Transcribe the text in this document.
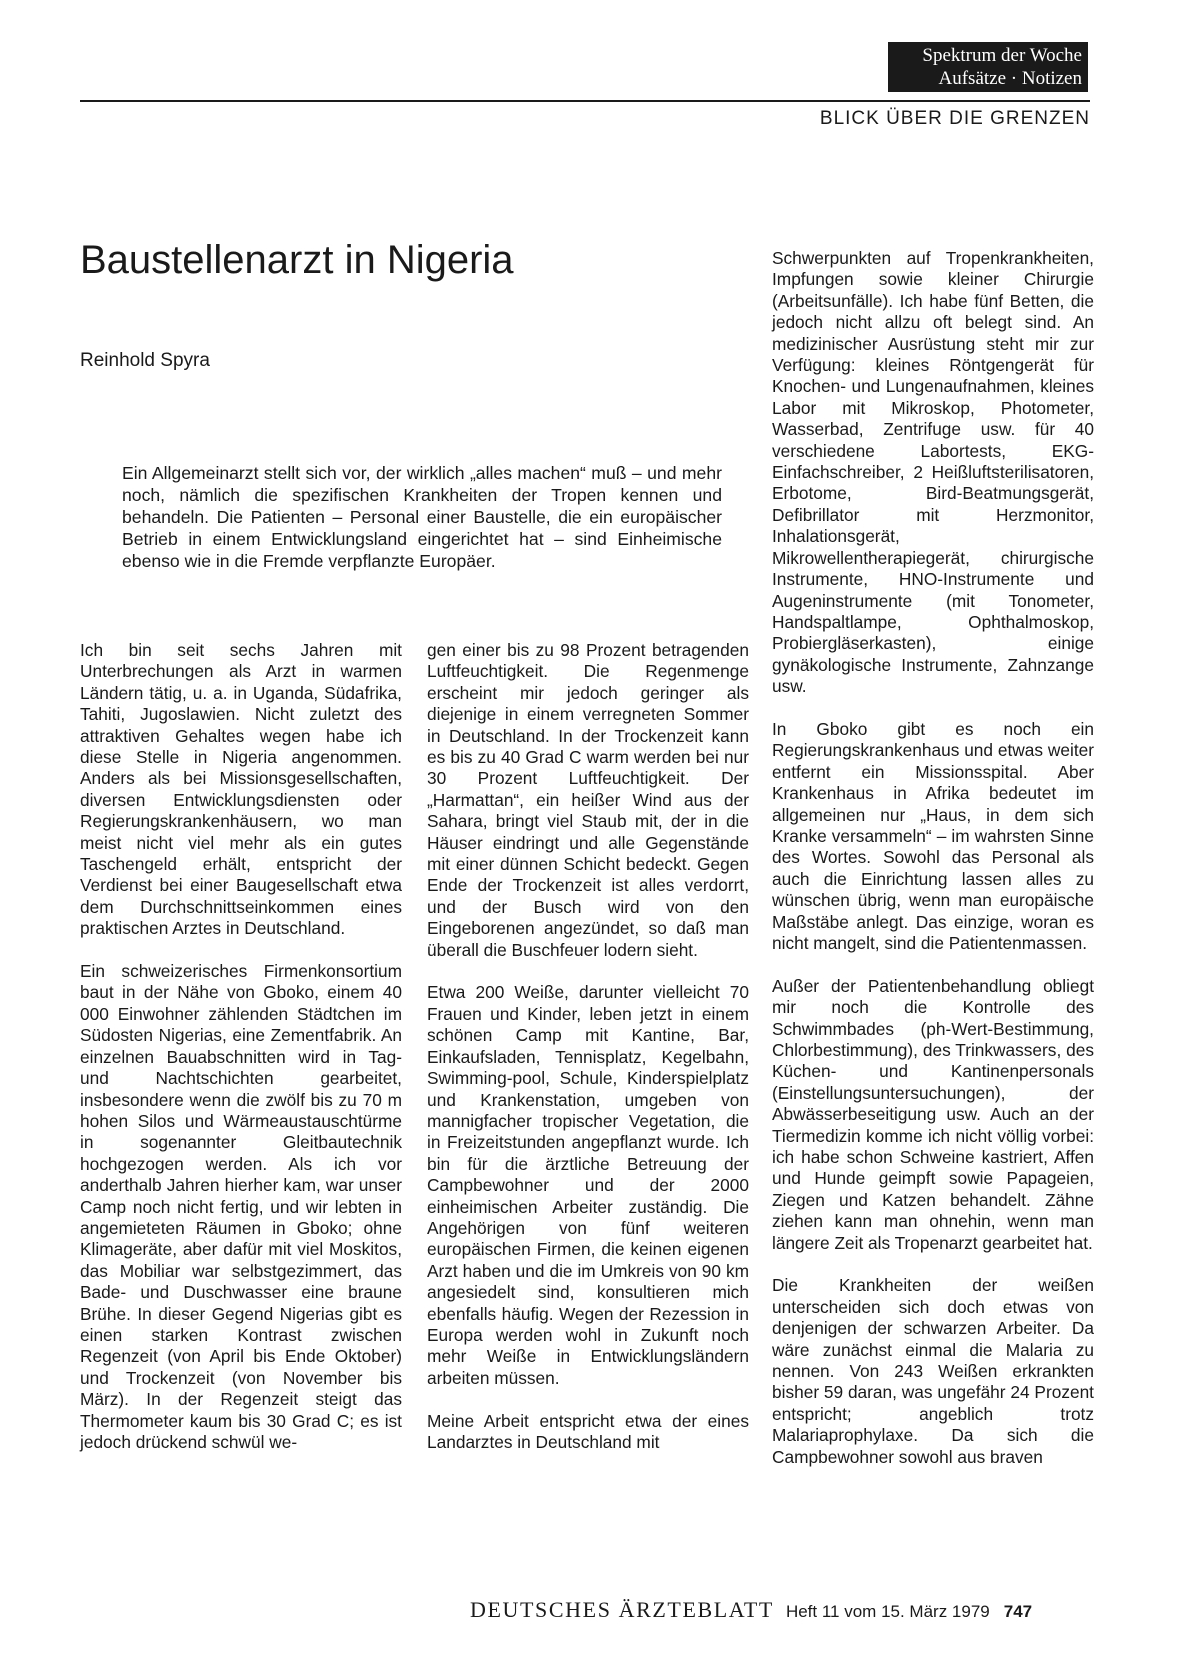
Spektrum der Woche
Aufsätze · Notizen
BLICK ÜBER DIE GRENZEN
Baustellenarzt in Nigeria
Reinhold Spyra
Ein Allgemeinarzt stellt sich vor, der wirklich „alles machen“ muß – und mehr noch, nämlich die spezifischen Krankheiten der Tropen kennen und behandeln. Die Patienten – Personal einer Baustelle, die ein europäischer Betrieb in einem Entwicklungsland eingerichtet hat – sind Einheimische ebenso wie in die Fremde verpflanzte Europäer.

Ich bin seit sechs Jahren mit Unterbrechungen als Arzt in warmen Ländern tätig, u. a. in Uganda, Südafrika, Tahiti, Jugoslawien. Nicht zuletzt des attraktiven Gehaltes wegen habe ich diese Stelle in Nigeria angenommen. Anders als bei Missionsgesellschaften, diversen Entwicklungsdiensten oder Regierungskrankenhäusern, wo man meist nicht viel mehr als ein gutes Taschengeld erhält, entspricht der Verdienst bei einer Baugesellschaft etwa dem Durchschnittseinkommen eines praktischen Arztes in Deutschland.

Ein schweizerisches Firmenkonsortium baut in der Nähe von Gboko, einem 40 000 Einwohner zählenden Städtchen im Südosten Nigerias, eine Zementfabrik. An einzelnen Bauabschnitten wird in Tag- und Nachtschichten gearbeitet, insbesondere wenn die zwölf bis zu 70 m hohen Silos und Wärmeaustauschtürme in sogenannter Gleitbautechnik hochgezogen werden. Als ich vor anderthalb Jahren hierher kam, war unser Camp noch nicht fertig, und wir lebten in angemieteten Räumen in Gboko; ohne Klimageräte, aber dafür mit viel Moskitos, das Mobiliar war selbstgezimmert, das Bade- und Duschwasser eine braune Brühe. In dieser Gegend Nigerias gibt es einen starken Kontrast zwischen Regenzeit (von April bis Ende Oktober) und Trockenzeit (von November bis März). In der Regenzeit steigt das Thermometer kaum bis 30 Grad C; es ist jedoch drückend schwül we-

gen einer bis zu 98 Prozent betragenden Luftfeuchtigkeit. Die Regenmenge erscheint mir jedoch geringer als diejenige in einem verregneten Sommer in Deutschland. In der Trockenzeit kann es bis zu 40 Grad C warm werden bei nur 30 Prozent Luftfeuchtigkeit. Der „Harmattan“, ein heißer Wind aus der Sahara, bringt viel Staub mit, der in die Häuser eindringt und alle Gegenstände mit einer dünnen Schicht bedeckt. Gegen Ende der Trockenzeit ist alles verdorrt, und der Busch wird von den Eingeborenen angezündet, so daß man überall die Buschfeuer lodern sieht.

Etwa 200 Weiße, darunter vielleicht 70 Frauen und Kinder, leben jetzt in einem schönen Camp mit Kantine, Bar, Einkaufsladen, Tennisplatz, Kegelbahn, Swimming-pool, Schule, Kinderspielplatz und Krankenstation, umgeben von mannigfacher tropischer Vegetation, die in Freizeitstunden angepflanzt wurde. Ich bin für die ärztliche Betreuung der Campbewohner und der 2000 einheimischen Arbeiter zuständig. Die Angehörigen von fünf weiteren europäischen Firmen, die keinen eigenen Arzt haben und die im Umkreis von 90 km angesiedelt sind, konsultieren mich ebenfalls häufig. Wegen der Rezession in Europa werden wohl in Zukunft noch mehr Weiße in Entwicklungsländern arbeiten müssen.

Meine Arbeit entspricht etwa der eines Landarztes in Deutschland mit

Schwerpunkten auf Tropenkrankheiten, Impfungen sowie kleiner Chirurgie (Arbeitsunfälle). Ich habe fünf Betten, die jedoch nicht allzu oft belegt sind. An medizinischer Ausrüstung steht mir zur Verfügung: kleines Röntgengerät für Knochen- und Lungenaufnahmen, kleines Labor mit Mikroskop, Photometer, Wasserbad, Zentrifuge usw. für 40 verschiedene Labortests, EKG-Einfachschreiber, 2 Heißluftsterilisatoren, Erbotome, Bird-Beatmungsgerät, Defibrillator mit Herzmonitor, Inhalationsgerät, Mikrowellentherapiegerät, chirurgische Instrumente, HNO-Instrumente und Augeninstrumente (mit Tonometer, Handspaltlampe, Ophthalmoskop, Probiergläserkasten), einige gynäkologische Instrumente, Zahnzange usw.

In Gboko gibt es noch ein Regierungskrankenhaus und etwas weiter entfernt ein Missionsspital. Aber Krankenhaus in Afrika bedeutet im allgemeinen nur „Haus, in dem sich Kranke versammeln“ – im wahrsten Sinne des Wortes. Sowohl das Personal als auch die Einrichtung lassen alles zu wünschen übrig, wenn man europäische Maßstäbe anlegt. Das einzige, woran es nicht mangelt, sind die Patientenmassen.

Außer der Patientenbehandlung obliegt mir noch die Kontrolle des Schwimmbades (ph-Wert-Bestimmung, Chlorbestimmung), des Trinkwassers, des Küchen- und Kantinenpersonals (Einstellungsuntersuchungen), der Abwässerbeseitigung usw. Auch an der Tiermedizin komme ich nicht völlig vorbei: ich habe schon Schweine kastriert, Affen und Hunde geimpft sowie Papageien, Ziegen und Katzen behandelt. Zähne ziehen kann man ohnehin, wenn man längere Zeit als Tropenarzt gearbeitet hat.

Die Krankheiten der weißen unterscheiden sich doch etwas von denjenigen der schwarzen Arbeiter. Da wäre zunächst einmal die Malaria zu nennen. Von 243 Weißen erkrankten bisher 59 daran, was ungefähr 24 Prozent entspricht; angeblich trotz Malariaprophylaxe. Da sich die Campbewohner sowohl aus braven

DEUTSCHES ÄRZTEBLATT Heft 11 vom 15. März 1979 747
